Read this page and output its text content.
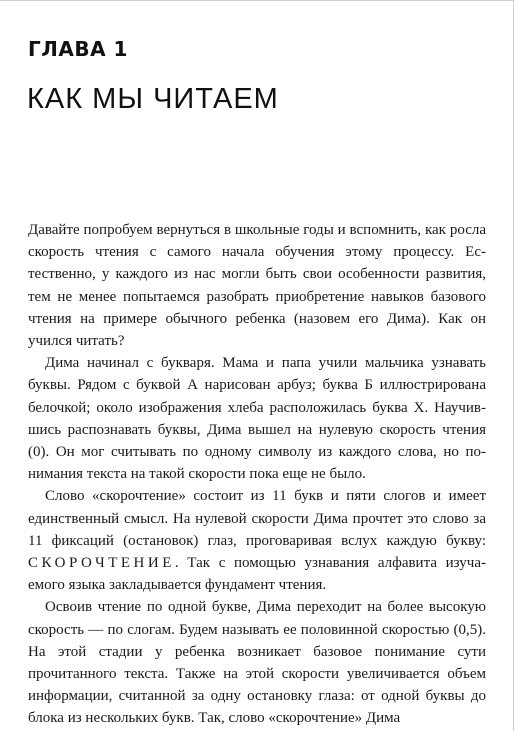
ГЛАВА 1
КАК МЫ ЧИТАЕМ

Давайте попробуем вернуться в школьные годы и вспомнить, как росла скорость чтения с самого начала обучения этому процессу. Естественно, у каждого из нас могли быть свои особенности развития, тем не менее попытаемся разобрать приобретение навыков базового чтения на примере обычного ребенка (назовем его Дима). Как он учился читать?

Дима начинал с букваря. Мама и папа учили мальчика узнавать буквы. Рядом с буквой А нарисован арбуз; буква Б иллюстрирована белочкой; около изображения хлеба расположилась буква Х. Научившись распознавать буквы, Дима вышел на нулевую скорость чтения (0). Он мог считывать по одному символу из каждого слова, но понимания текста на такой скорости пока еще не было.

Слово «скорочтение» состоит из 11 букв и пяти слогов и имеет единственный смысл. На нулевой скорости Дима прочтет это слово за 11 фиксаций (остановок) глаз, проговаривая вслух каждую букву: СКОРОЧТЕНИЕ. Так с помощью узнавания алфавита изучаемого языка закладывается фундамент чтения.

Освоив чтение по одной букве, Дима переходит на более высокую скорость — по слогам. Будем называть ее половинной скоростью (0,5). На этой стадии у ребенка возникает базовое понимание сути прочитанного текста. Также на этой скорости увеличивается объем информации, считанной за одну остановку глаза: от одной буквы до блока из нескольких букв. Так, слово «скорочтение» Дима
